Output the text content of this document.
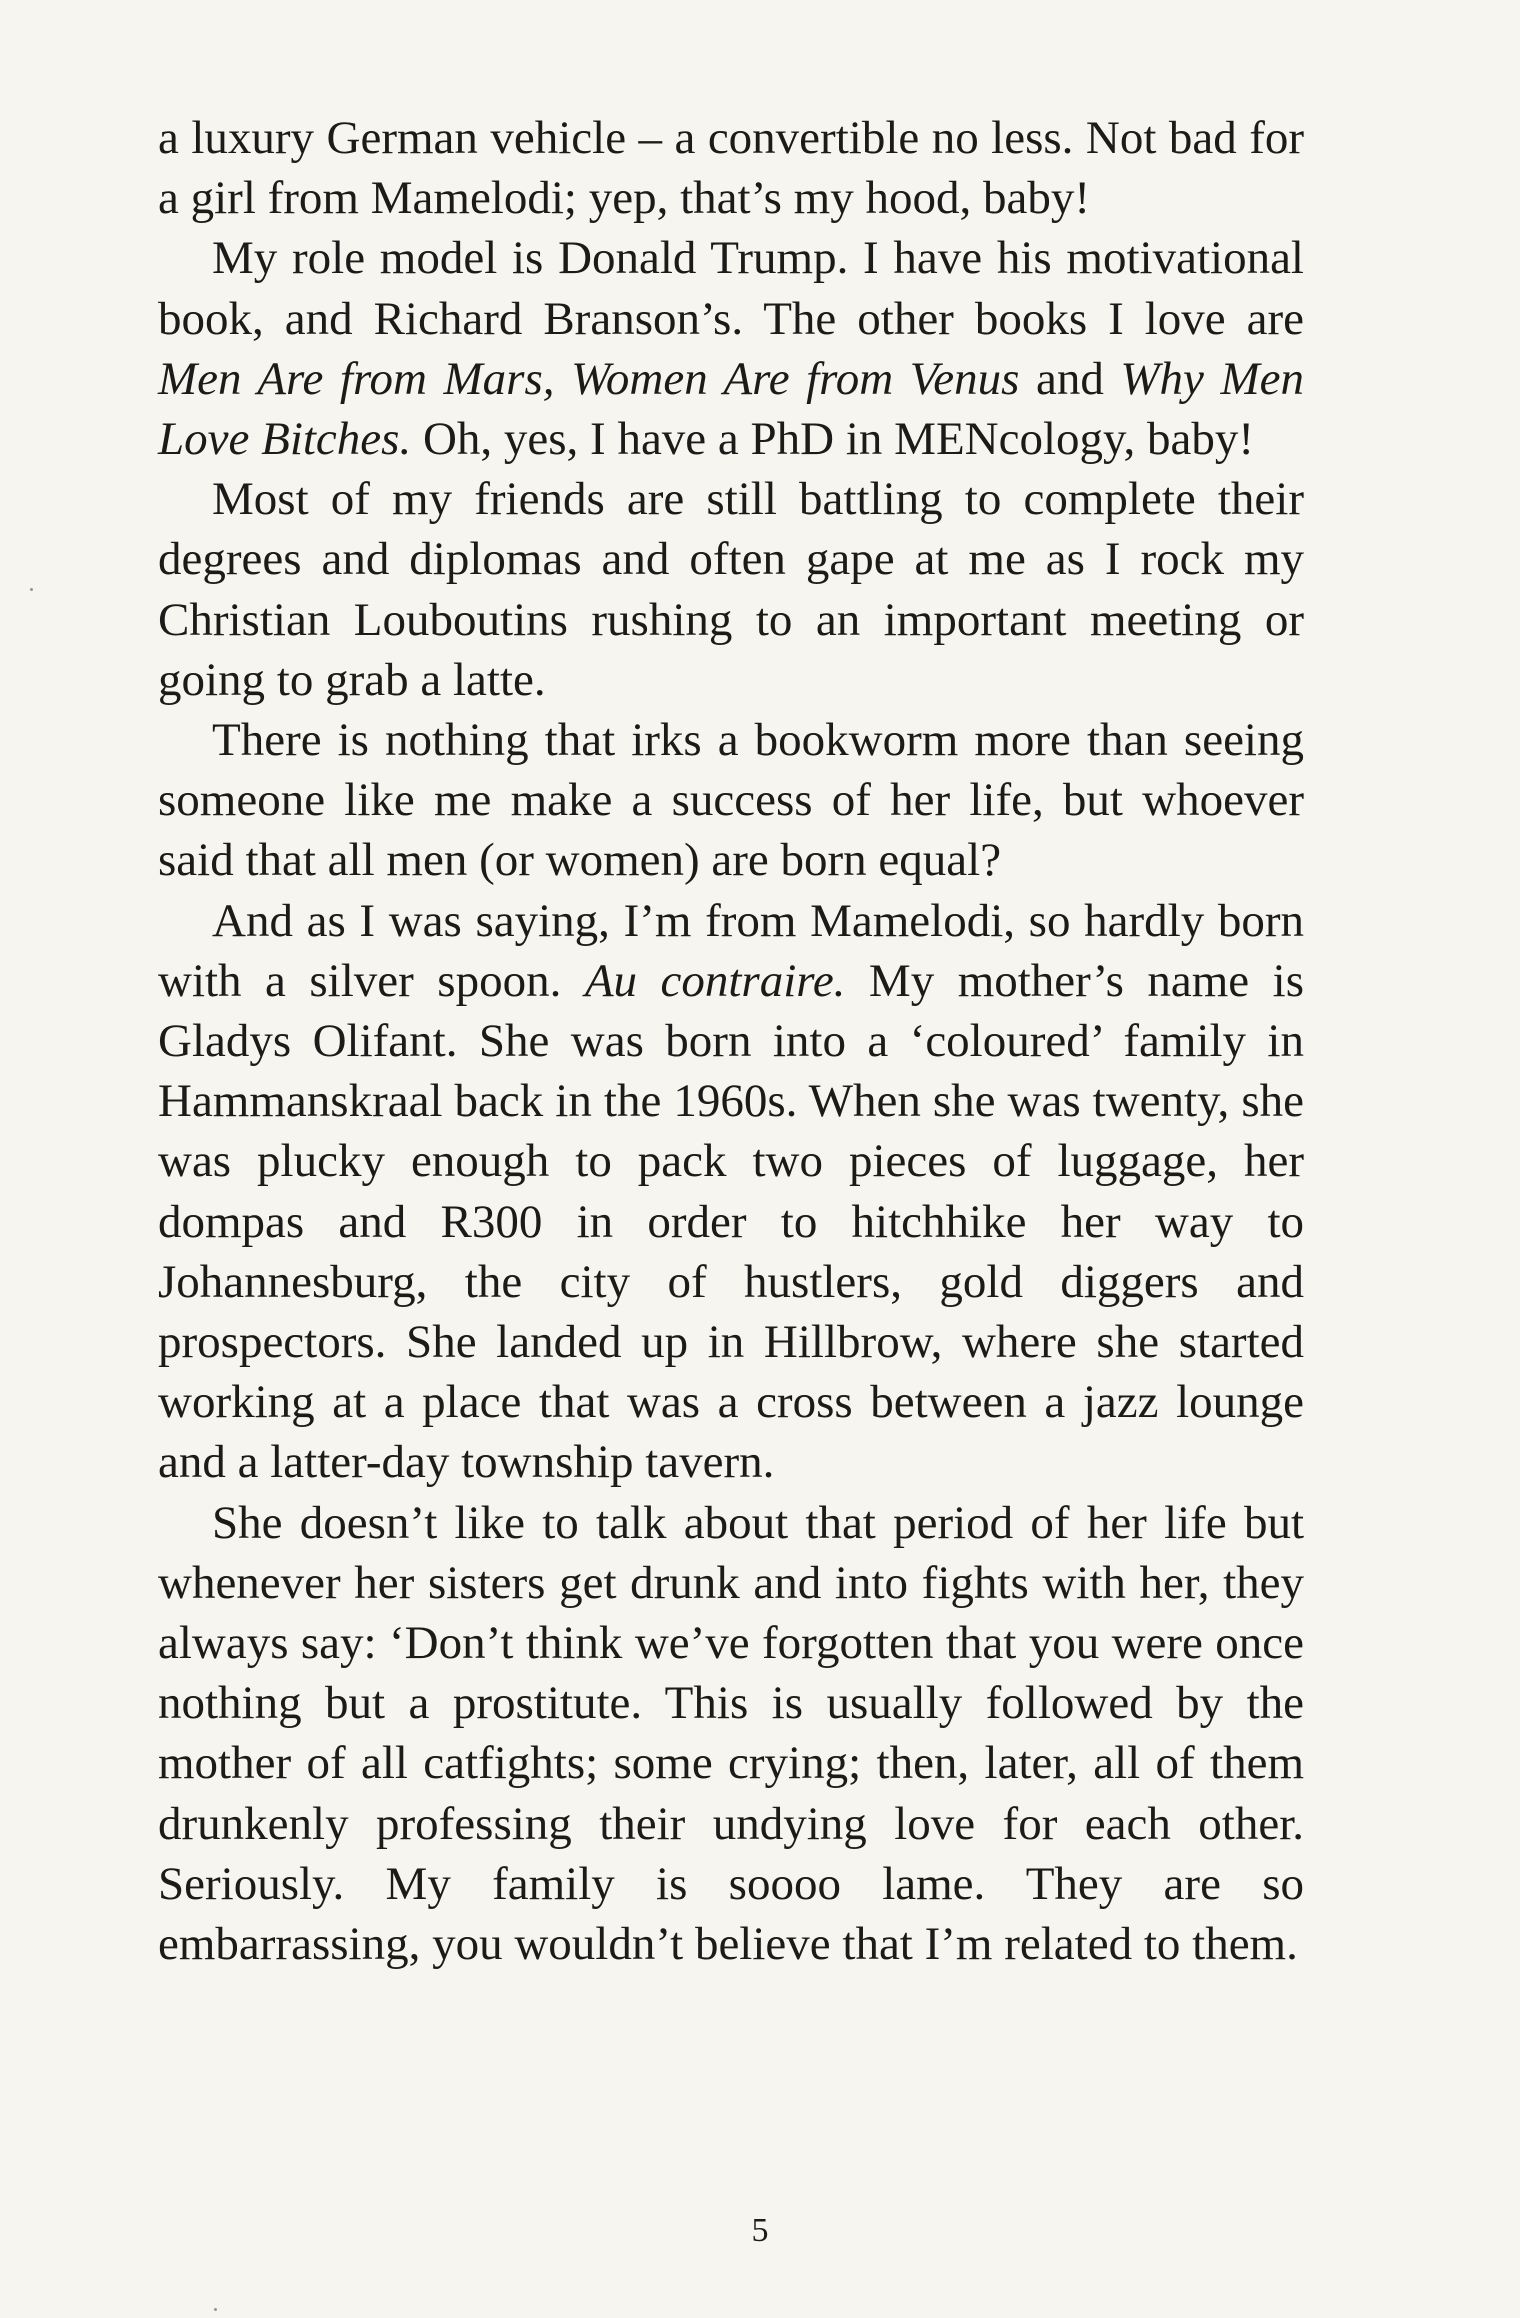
a luxury German vehicle – a convertible no less. Not bad for a girl from Mamelodi; yep, that’s my hood, baby!

My role model is Donald Trump. I have his motivational book, and Richard Branson’s. The other books I love are Men Are from Mars, Women Are from Venus and Why Men Love Bitches. Oh, yes, I have a PhD in MENcology, baby!

Most of my friends are still battling to complete their degrees and diplomas and often gape at me as I rock my Christian Louboutins rushing to an important meeting or going to grab a latte.

There is nothing that irks a bookworm more than seeing someone like me make a success of her life, but whoever said that all men (or women) are born equal?

And as I was saying, I’m from Mamelodi, so hardly born with a silver spoon. Au contraire. My mother’s name is Gladys Olifant. She was born into a ‘coloured’ family in Hammanskraal back in the 1960s. When she was twenty, she was plucky enough to pack two pieces of luggage, her dompas and R300 in order to hitchhike her way to Johannesburg, the city of hustlers, gold diggers and prospectors. She landed up in Hillbrow, where she started working at a place that was a cross between a jazz lounge and a latter-day township tavern.

She doesn’t like to talk about that period of her life but whenever her sisters get drunk and into fights with her, they always say: ‘Don’t think we’ve forgotten that you were once nothing but a prostitute. This is usually followed by the mother of all catfights; some crying; then, later, all of them drunkenly professing their undying love for each other. Seriously. My family is soooo lame. They are so embarrassing, you wouldn’t believe that I’m related to them.

5
